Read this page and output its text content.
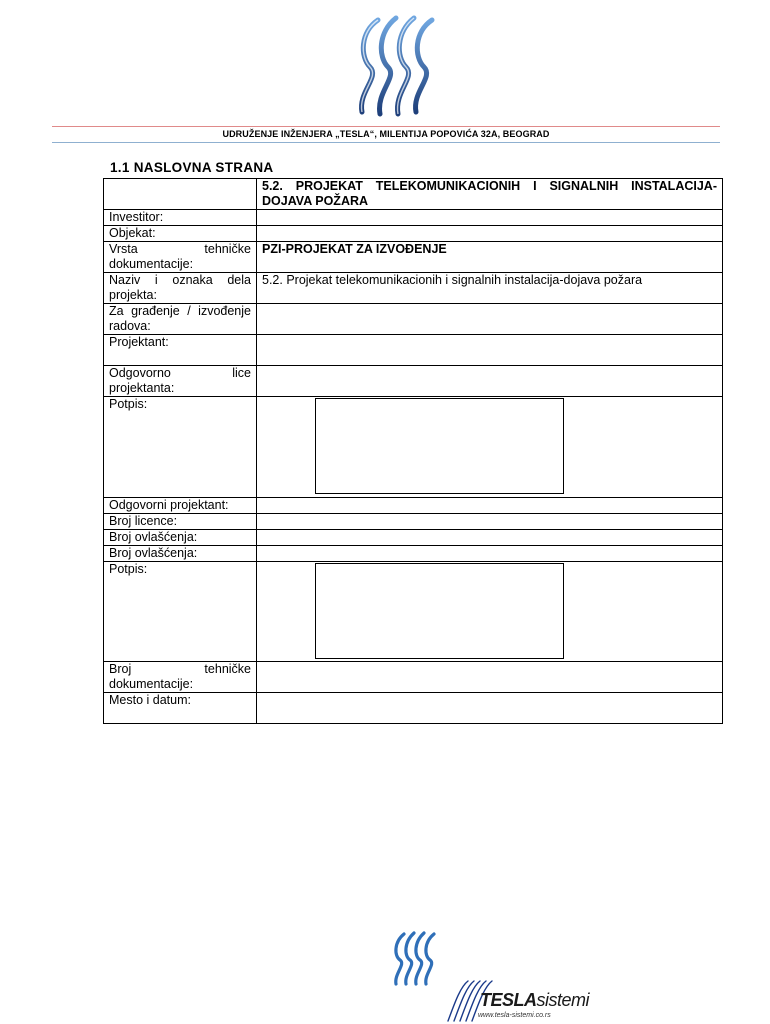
UDRUŽENJE INŽENJERA „TESLA“, MILENTIJA POPOVIĆA 32A, BEOGRAD
1.1 NASLOVNA STRANA
	5.2. PROJEKAT TELEKOMUNIKACIONIH I SIGNALNIH INSTALACIJA-DOJAVA POŽARA
Investitor:	
Objekat:	
Vrsta tehničke dokumentacije:	PZI-PROJEKAT ZA IZVOĐENJE
Naziv i oznaka dela projekta:	5.2. Projekat telekomunikacionih i signalnih instalacija-dojava požara
Za građenje / izvođenje radova:	
Projektant:	
Odgovorno lice projektanta:	
Potpis:	

Odgovorni projektant:	
Broj licence:	
Broj ovlašćenja:	
Broj ovlašćenja:	
Potpis:	

Broj tehničke dokumentacije:	
Mesto i datum:	
TESLAsistemi
www.tesla-sistemi.co.rs
